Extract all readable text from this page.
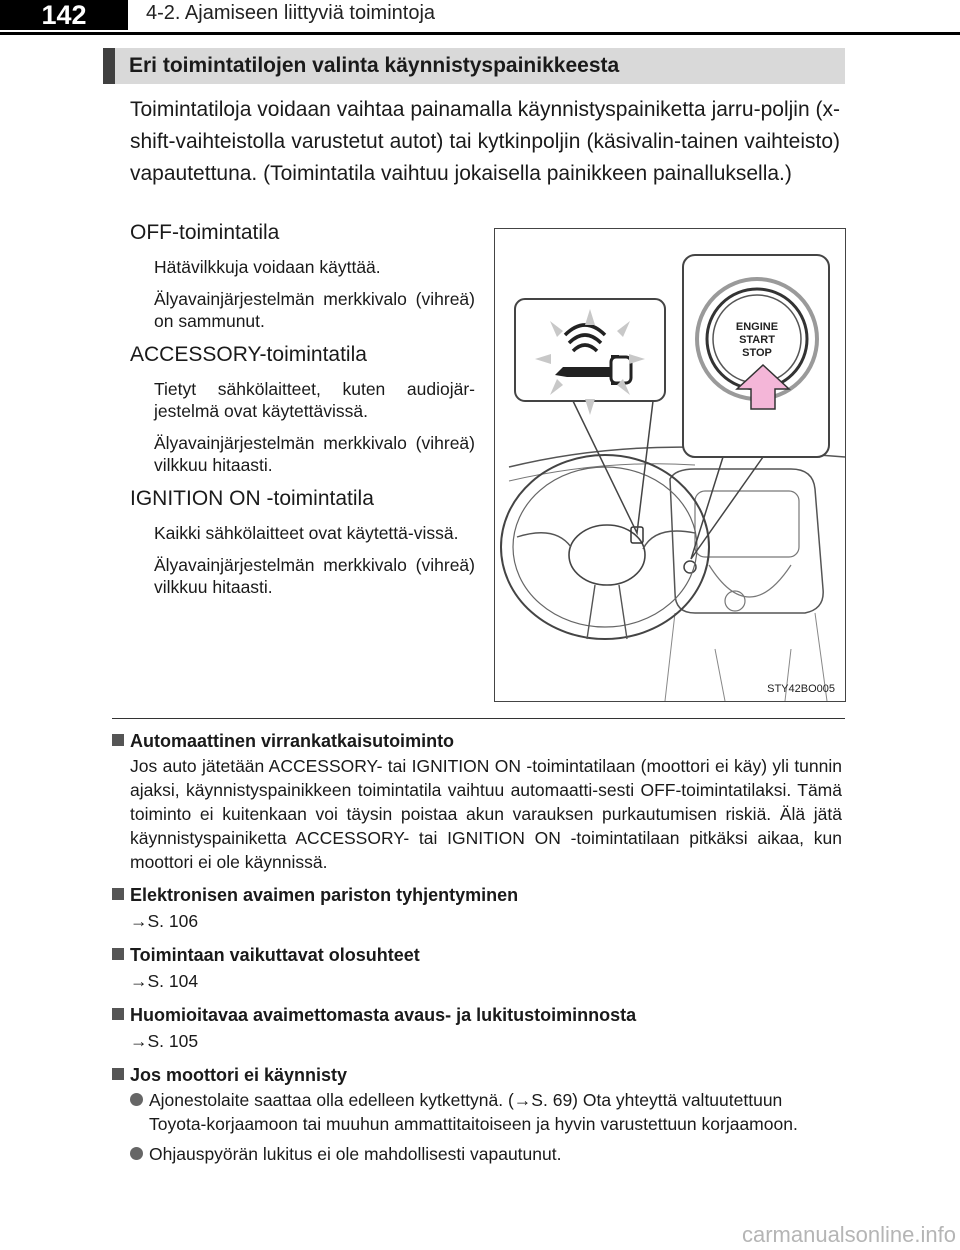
142	4-2. Ajamiseen liittyviä toimintoja
Eri toimintatilojen valinta käynnistyspainikkeesta

Toimintatiloja voidaan vaihtaa painamalla käynnistyspainiketta jarru-poljin (x-shift-vaihteistolla varustetut autot) tai kytkinpoljin (käsivalin-tainen vaihteisto) vapautettuna. (Toimintatila vaihtuu jokaisella painikkeen painalluksella.)

OFF-toimintatila
Hätävilkkuja voidaan käyttää.
Älyavainjärjestelmän merkkivalo (vihreä) on sammunut.
ACCESSORY-toimintatila
Tietyt sähkölaitteet, kuten audiojär-jestelmä ovat käytettävissä.
Älyavainjärjestelmän merkkivalo (vihreä) vilkkuu hitaasti.
IGNITION ON -toimintatila
Kaikki sähkölaitteet ovat käytettä-vissä.
Älyavainjärjestelmän merkkivalo (vihreä) vilkkuu hitaasti.
ENGINE
START
STOP
STY42BO005
Automaattinen virrankatkaisutoiminto
Jos auto jätetään ACCESSORY- tai IGNITION ON -toimintatilaan (moottori ei käy) yli tunnin ajaksi, käynnistyspainikkeen toimintatila vaihtuu automaatti-sesti OFF-toimintatilaksi. Tämä toiminto ei kuitenkaan voi täysin poistaa akun varauksen purkautumisen riskiä. Älä jätä käynnistyspainiketta ACCESSORY- tai IGNITION ON -toimintatilaan pitkäksi aikaa, kun moottori ei ole käynnissä.
Elektronisen avaimen pariston tyhjentyminen
→S. 106
Toimintaan vaikuttavat olosuhteet
→S. 104
Huomioitavaa avaimettomasta avaus- ja lukitustoiminnosta
→S. 105
Jos moottori ei käynnisty
Ajonestolaite saattaa olla edelleen kytkettynä. (→S. 69) Ota yhteyttä valtuutettuun Toyota-korjaamoon tai muuhun ammattitaitoiseen ja hyvin varustettuun korjaamoon.
Ohjauspyörän lukitus ei ole mahdollisesti vapautunut.
carmanualsonline.info
